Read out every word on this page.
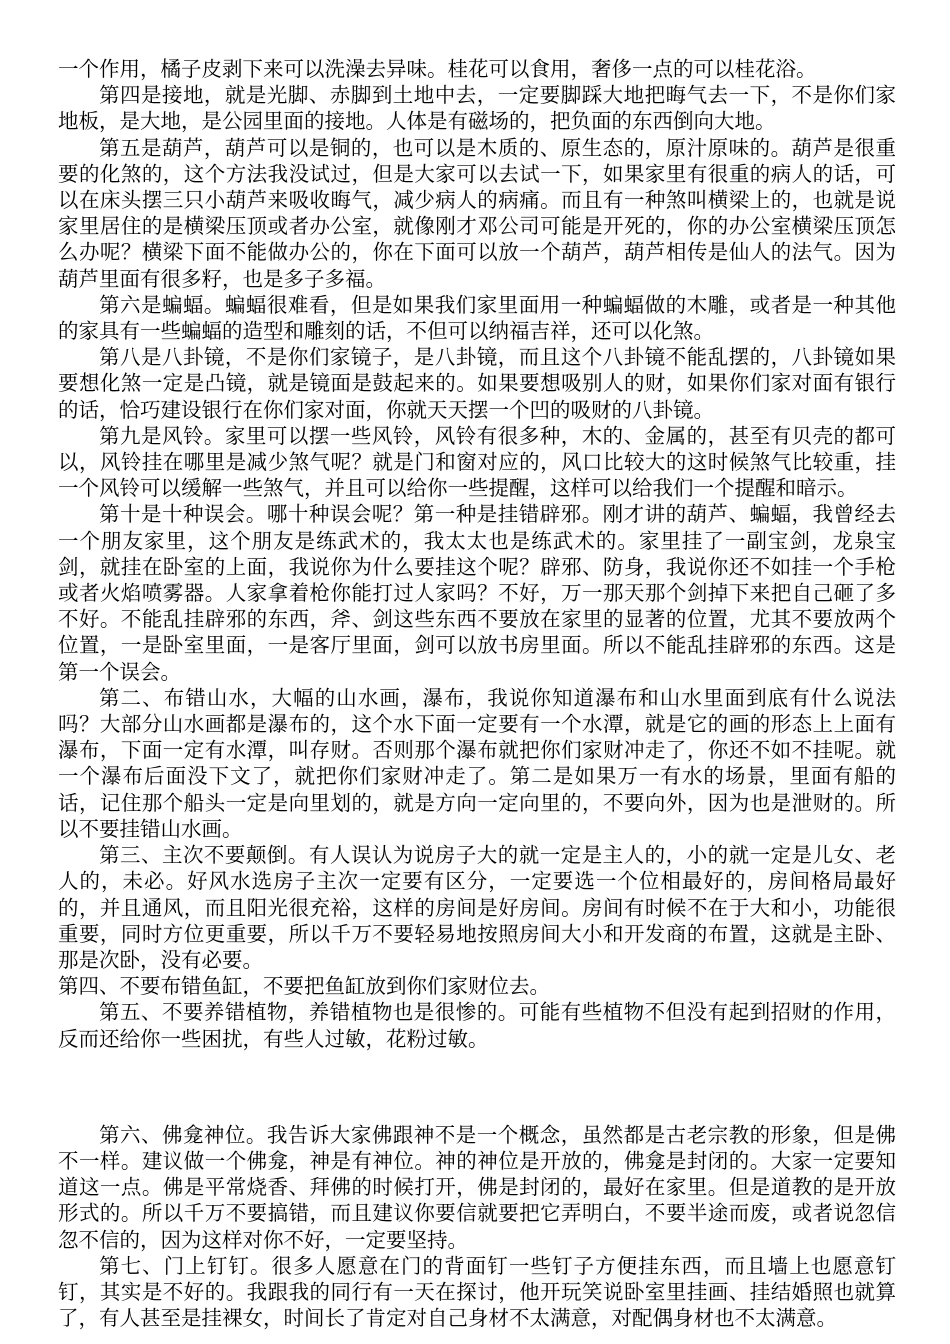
一个作用，橘子皮剥下来可以洗澡去异味。桂花可以食用，奢侈一点的可以桂花浴。

第四是接地，就是光脚、赤脚到土地中去，一定要脚踩大地把晦气去一下，不是你们家地板，是大地，是公园里面的接地。人体是有磁场的，把负面的东西倒向大地。

第五是葫芦，葫芦可以是铜的，也可以是木质的、原生态的，原汁原味的。葫芦是很重要的化煞的，这个方法我没试过，但是大家可以去试一下，如果家里有很重的病人的话，可以在床头摆三只小葫芦来吸收晦气，减少病人的病痛。而且有一种煞叫横梁上的，也就是说家里居住的是横梁压顶或者办公室，就像刚才邓公司可能是开死的，你的办公室横梁压顶怎么办呢？横梁下面不能做办公的，你在下面可以放一个葫芦，葫芦相传是仙人的法气。因为葫芦里面有很多籽，也是多子多福。

第六是蝙蝠。蝙蝠很难看，但是如果我们家里面用一种蝙蝠做的木雕，或者是一种其他的家具有一些蝙蝠的造型和雕刻的话，不但可以纳福吉祥，还可以化煞。

第八是八卦镜，不是你们家镜子，是八卦镜，而且这个八卦镜不能乱摆的，八卦镜如果要想化煞一定是凸镜，就是镜面是鼓起来的。如果要想吸别人的财，如果你们家对面有银行的话，恰巧建设银行在你们家对面，你就天天摆一个凹的吸财的八卦镜。

第九是风铃。家里可以摆一些风铃，风铃有很多种，木的、金属的，甚至有贝壳的都可以，风铃挂在哪里是减少煞气呢？就是门和窗对应的，风口比较大的这时候煞气比较重，挂一个风铃可以缓解一些煞气，并且可以给你一些提醒，这样可以给我们一个提醒和暗示。

第十是十种误会。哪十种误会呢？第一种是挂错辟邪。刚才讲的葫芦、蝙蝠，我曾经去一个朋友家里，这个朋友是练武术的，我太太也是练武术的。家里挂了一副宝剑，龙泉宝剑，就挂在卧室的上面，我说你为什么要挂这个呢？辟邪、防身，我说你还不如挂一个手枪或者火焰喷雾器。人家拿着枪你能打过人家吗？不好，万一那天那个剑掉下来把自己砸了多不好。不能乱挂辟邪的东西，斧、剑这些东西不要放在家里的显著的位置，尤其不要放两个位置，一是卧室里面，一是客厅里面，剑可以放书房里面。所以不能乱挂辟邪的东西。这是第一个误会。

第二、布错山水，大幅的山水画，瀑布，我说你知道瀑布和山水里面到底有什么说法吗？大部分山水画都是瀑布的，这个水下面一定要有一个水潭，就是它的画的形态上上面有瀑布，下面一定有水潭，叫存财。否则那个瀑布就把你们家财冲走了，你还不如不挂呢。就一个瀑布后面没下文了，就把你们家财冲走了。第二是如果万一有水的场景，里面有船的话，记住那个船头一定是向里划的，就是方向一定向里的，不要向外，因为也是泄财的。所以不要挂错山水画。

第三、主次不要颠倒。有人误认为说房子大的就一定是主人的，小的就一定是儿女、老人的，未必。好风水选房子主次一定要有区分，一定要选一个位相最好的，房间格局最好的，并且通风，而且阳光很充裕，这样的房间是好房间。房间有时候不在于大和小，功能很重要，同时方位更重要，所以千万不要轻易地按照房间大小和开发商的布置，这就是主卧、那是次卧，没有必要。

第四、不要布错鱼缸，不要把鱼缸放到你们家财位去。

第五、不要养错植物，养错植物也是很惨的。可能有些植物不但没有起到招财的作用，反而还给你一些困扰，有些人过敏，花粉过敏。

第六、佛龛神位。我告诉大家佛跟神不是一个概念，虽然都是古老宗教的形象，但是佛不一样。建议做一个佛龛，神是有神位。神的神位是开放的，佛龛是封闭的。大家一定要知道这一点。佛是平常烧香、拜佛的时候打开，佛是封闭的，最好在家里。但是道教的是开放形式的。所以千万不要搞错，而且建议你要信就要把它弄明白，不要半途而废，或者说忽信忽不信的，因为这样对你不好，一定要坚持。

第七、门上钉钉。很多人愿意在门的背面钉一些钉子方便挂东西，而且墙上也愿意钉钉，其实是不好的。我跟我的同行有一天在探讨，他开玩笑说卧室里挂画、挂结婚照也就算了，有人甚至是挂裸女，时间长了肯定对自己身材不太满意，对配偶身材也不太满意。
